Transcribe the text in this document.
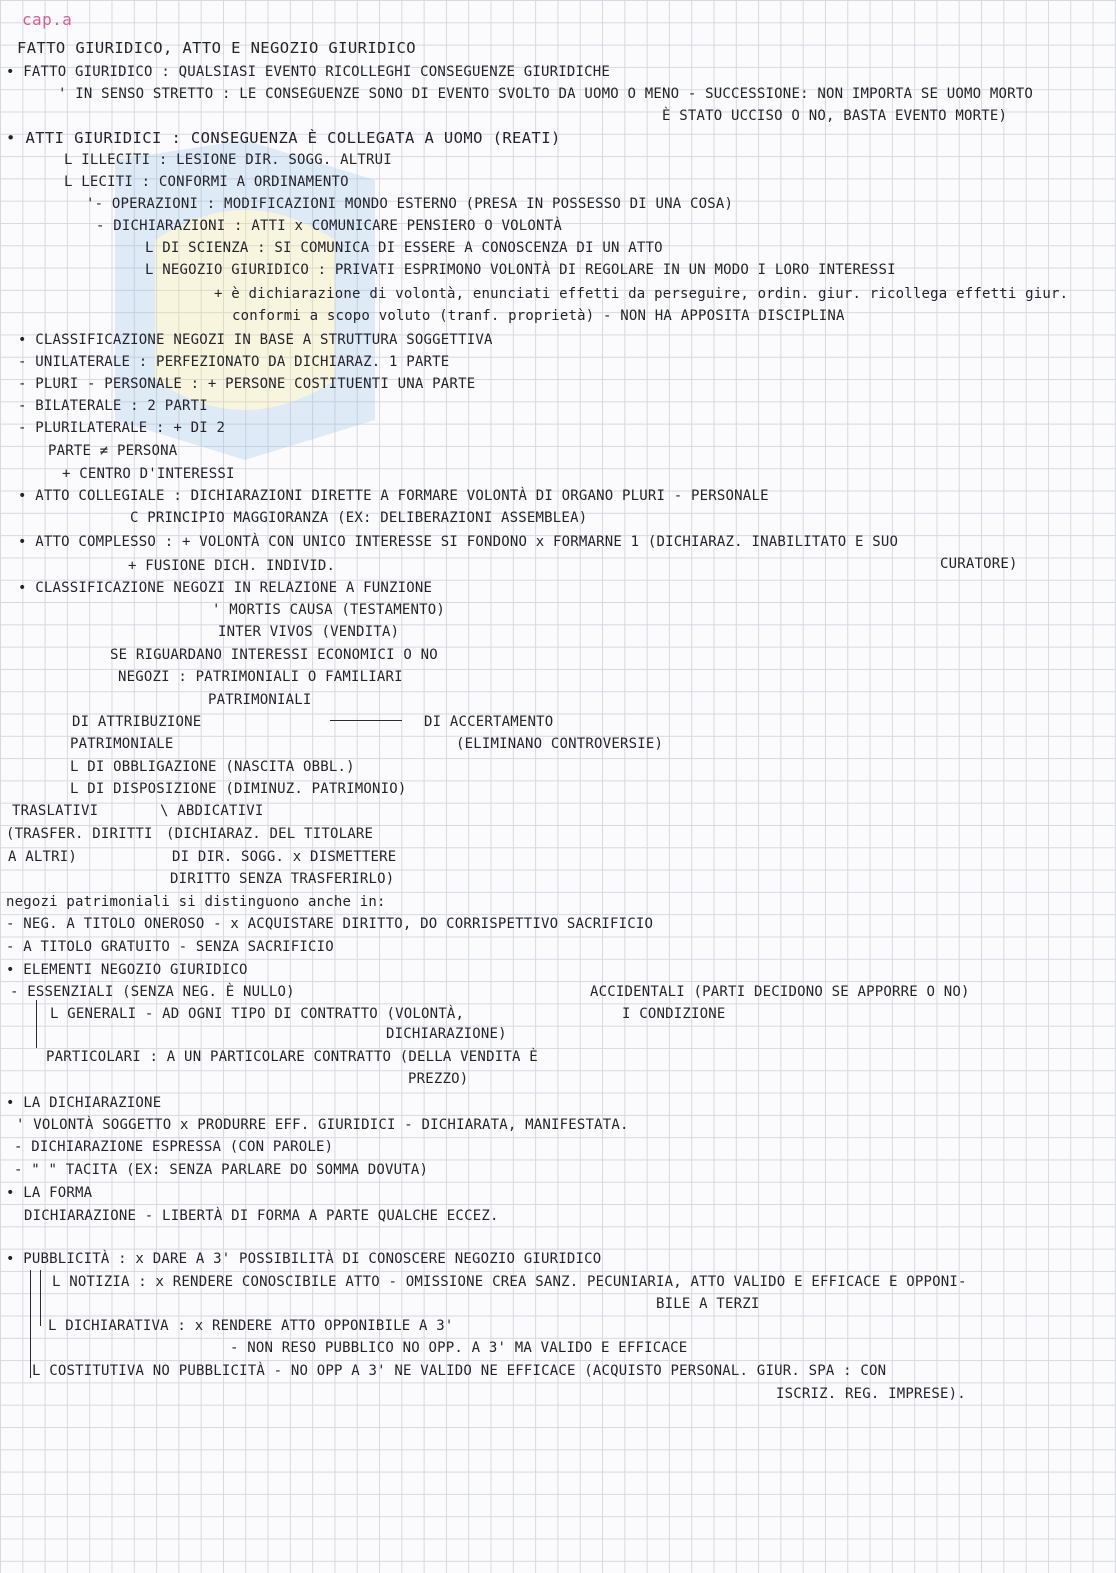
cap.a
FATTO GIURIDICO, ATTO E NEGOZIO GIURIDICO
• FATTO GIURIDICO : QUALSIASI EVENTO RICOLLEGHI CONSEGUENZE GIURIDICHE
' IN SENSO STRETTO : LE CONSEGUENZE SONO DI EVENTO SVOLTO DA UOMO O MENO - SUCCESSIONE: NON IMPORTA SE UOMO MORTO
È STATO UCCISO O NO, BASTA EVENTO MORTE)
• ATTI GIURIDICI : CONSEGUENZA È COLLEGATA A UOMO (REATI)
L ILLECITI : LESIONE DIR. SOGG. ALTRUI
L LECITI : CONFORMI A ORDINAMENTO
'- OPERAZIONI : MODIFICAZIONI MONDO ESTERNO (PRESA IN POSSESSO DI UNA COSA)
- DICHIARAZIONI : ATTI x COMUNICARE PENSIERO O VOLONTÀ
L DI SCIENZA : SI COMUNICA DI ESSERE A CONOSCENZA DI UN ATTO
L NEGOZIO GIURIDICO : PRIVATI ESPRIMONO VOLONTÀ DI REGOLARE IN UN MODO I LORO INTERESSI
+ è dichiarazione di volontà, enunciati effetti da perseguire, ordin. giur. ricollega effetti giur.
conformi a scopo voluto (tranf. proprietà) - NON HA APPOSITA DISCIPLINA
• CLASSIFICAZIONE NEGOZI IN BASE A STRUTTURA SOGGETTIVA
- UNILATERALE : PERFEZIONATO DA DICHIARAZ. 1 PARTE
- PLURI - PERSONALE : + PERSONE COSTITUENTI UNA PARTE
- BILATERALE : 2 PARTI
- PLURILATERALE : + DI 2
PARTE ≠ PERSONA
+ CENTRO D'INTERESSI
• ATTO COLLEGIALE : DICHIARAZIONI DIRETTE A FORMARE VOLONTÀ DI ORGANO PLURI - PERSONALE
C PRINCIPIO MAGGIORANZA (EX: DELIBERAZIONI ASSEMBLEA)
• ATTO COMPLESSO : + VOLONTÀ CON UNICO INTERESSE SI FONDONO x FORMARNE 1 (DICHIARAZ. INABILITATO E SUO
CURATORE)
+ FUSIONE DICH. INDIVID.
• CLASSIFICAZIONE NEGOZI IN RELAZIONE A FUNZIONE
' MORTIS CAUSA (TESTAMENTO)
INTER VIVOS (VENDITA)
SE RIGUARDANO INTERESSI ECONOMICI O NO
NEGOZI : PATRIMONIALI O FAMILIARI
PATRIMONIALI
DI ATTRIBUZIONE	DI ACCERTAMENTO
(ELIMINANO CONTROVERSIE)
PATRIMONIALE
L DI OBBLIGAZIONE (NASCITA OBBL.)
L DI DISPOSIZIONE (DIMINUZ. PATRIMONIO)
TRASLATIVI	\ ABDICATIVI
(TRASFER. DIRITTI (DICHIARAZ. DEL TITOLARE
A ALTRI)	DI DIR. SOGG. x DISMETTERE
DIRITTO SENZA TRASFERIRLO)
negozi patrimoniali si distinguono anche in:
- NEG. A TITOLO ONEROSO - x ACQUISTARE DIRITTO, DO CORRISPETTIVO SACRIFICIO
- A TITOLO GRATUITO - SENZA SACRIFICIO
• ELEMENTI NEGOZIO GIURIDICO
- ESSENZIALI (SENZA NEG. È NULLO)	ACCIDENTALI (PARTI DECIDONO SE APPORRE O NO)
L GENERALI - AD OGNI TIPO DI CONTRATTO (VOLONTÀ,	I CONDIZIONE
DICHIARAZIONE)
PARTICOLARI : A UN PARTICOLARE CONTRATTO (DELLA VENDITA È
PREZZO)
• LA DICHIARAZIONE
' VOLONTÀ SOGGETTO x PRODURRE EFF. GIURIDICI - DICHIARATA, MANIFESTATA.
- DICHIARAZIONE ESPRESSA (CON PAROLE)
- " " TACITA (EX: SENZA PARLARE DO SOMMA DOVUTA)
• LA FORMA
DICHIARAZIONE - LIBERTÀ DI FORMA A PARTE QUALCHE ECCEZ.
• PUBBLICITÀ : x DARE A 3' POSSIBILITÀ DI CONOSCERE NEGOZIO GIURIDICO
L NOTIZIA : x RENDERE CONOSCIBILE ATTO - OMISSIONE CREA SANZ. PECUNIARIA, ATTO VALIDO E EFFICACE E OPPONI-
BILE A TERZI
L DICHIARATIVA : x RENDERE ATTO OPPONIBILE A 3'
- NON RESO PUBBLICO NO OPP. A 3' MA VALIDO E EFFICACE
L COSTITUTIVA NO PUBBLICITÀ - NO OPP A 3' NE VALIDO NE EFFICACE (ACQUISTO PERSONAL. GIUR. SPA : CON
ISCRIZ. REG. IMPRESE).
